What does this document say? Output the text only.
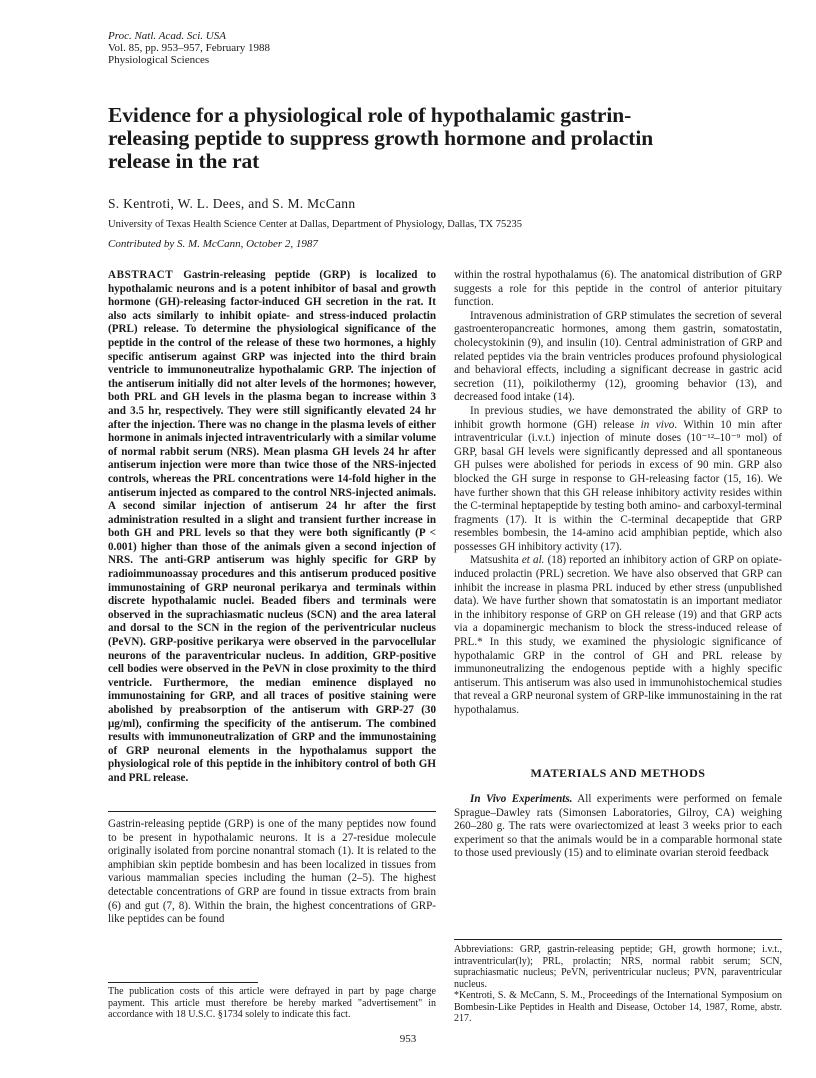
Proc. Natl. Acad. Sci. USA
Vol. 85, pp. 953–957, February 1988
Physiological Sciences
Evidence for a physiological role of hypothalamic gastrin-releasing peptide to suppress growth hormone and prolactin release in the rat
S. Kentroti, W. L. Dees, and S. M. McCann
University of Texas Health Science Center at Dallas, Department of Physiology, Dallas, TX 75235
Contributed by S. M. McCann, October 2, 1987

ABSTRACT Gastrin-releasing peptide (GRP) is localized to hypothalamic neurons and is a potent inhibitor of basal and growth hormone (GH)-releasing factor-induced GH secretion in the rat. It also acts similarly to inhibit opiate- and stress-induced prolactin (PRL) release. To determine the physiological significance of the peptide in the control of the release of these two hormones, a highly specific antiserum against GRP was injected into the third brain ventricle to immunoneutralize hypothalamic GRP. The injection of the antiserum initially did not alter levels of the hormones; however, both PRL and GH levels in the plasma began to increase within 3 and 3.5 hr, respectively. They were still significantly elevated 24 hr after the injection. There was no change in the plasma levels of either hormone in animals injected intraventricularly with a similar volume of normal rabbit serum (NRS). Mean plasma GH levels 24 hr after antiserum injection were more than twice those of the NRS-injected controls, whereas the PRL concentrations were 14-fold higher in the antiserum injected as compared to the control NRS-injected animals. A second similar injection of antiserum 24 hr after the first administration resulted in a slight and transient further increase in both GH and PRL levels so that they were both significantly (P < 0.001) higher than those of the animals given a second injection of NRS. The anti-GRP antiserum was highly specific for GRP by radioimmunoassay procedures and this antiserum produced positive immunostaining of GRP neuronal perikarya and terminals within discrete hypothalamic nuclei. Beaded fibers and terminals were observed in the suprachiasmatic nucleus (SCN) and the area lateral and dorsal to the SCN in the region of the periventricular nucleus (PeVN). GRP-positive perikarya were observed in the parvocellular neurons of the paraventricular nucleus. In addition, GRP-positive cell bodies were observed in the PeVN in close proximity to the third ventricle. Furthermore, the median eminence displayed no immunostaining for GRP, and all traces of positive staining were abolished by preabsorption of the antiserum with GRP-27 (30 μg/ml), confirming the specificity of the antiserum. The combined results with immunoneutralization of GRP and the immunostaining of GRP neuronal elements in the hypothalamus support the physiological role of this peptide in the inhibitory control of both GH and PRL release.

Gastrin-releasing peptide (GRP) is one of the many peptides now found to be present in hypothalamic neurons. It is a 27-residue molecule originally isolated from porcine nonantral stomach (1). It is related to the amphibian skin peptide bombesin and has been localized in tissues from various mammalian species including the human (2–5). The highest detectable concentrations of GRP are found in tissue extracts from brain (6) and gut (7, 8). Within the brain, the highest concentrations of GRP-like peptides can be found

The publication costs of this article were defrayed in part by page charge payment. This article must therefore be hereby marked "advertisement" in accordance with 18 U.S.C. §1734 solely to indicate this fact.

within the rostral hypothalamus (6). The anatomical distribution of GRP suggests a role for this peptide in the control of anterior pituitary function.

Intravenous administration of GRP stimulates the secretion of several gastroenteropancreatic hormones, among them gastrin, somatostatin, cholecystokinin (9), and insulin (10). Central administration of GRP and related peptides via the brain ventricles produces profound physiological and behavioral effects, including a significant decrease in gastric acid secretion (11), poikilothermy (12), grooming behavior (13), and decreased food intake (14).

In previous studies, we have demonstrated the ability of GRP to inhibit growth hormone (GH) release in vivo. Within 10 min after intraventricular (i.v.t.) injection of minute doses (10⁻¹²–10⁻⁹ mol) of GRP, basal GH levels were significantly depressed and all spontaneous GH pulses were abolished for periods in excess of 90 min. GRP also blocked the GH surge in response to GH-releasing factor (15, 16). We have further shown that this GH release inhibitory activity resides within the C-terminal heptapeptide by testing both amino- and carboxyl-terminal fragments (17). It is within the C-terminal decapeptide that GRP resembles bombesin, the 14-amino acid amphibian peptide, which also possesses GH inhibitory activity (17).

Matsushita et al. (18) reported an inhibitory action of GRP on opiate-induced prolactin (PRL) secretion. We have also observed that GRP can inhibit the increase in plasma PRL induced by ether stress (unpublished data). We have further shown that somatostatin is an important mediator in the inhibitory response of GRP on GH release (19) and that GRP acts via a dopaminergic mechanism to block the stress-induced release of PRL.* In this study, we examined the physiologic significance of hypothalamic GRP in the control of GH and PRL release by immunoneutralizing the endogenous peptide with a highly specific antiserum. This antiserum was also used in immunohistochemical studies that reveal a GRP neuronal system of GRP-like immunostaining in the rat hypothalamus.

MATERIALS AND METHODS

In Vivo Experiments. All experiments were performed on female Sprague–Dawley rats (Simonsen Laboratories, Gilroy, CA) weighing 260–280 g. The rats were ovariectomized at least 3 weeks prior to each experiment so that the animals would be in a comparable hormonal state to those used previously (15) and to eliminate ovarian steroid feedback

Abbreviations: GRP, gastrin-releasing peptide; GH, growth hormone; i.v.t., intraventricular(ly); PRL, prolactin; NRS, normal rabbit serum; SCN, suprachiasmatic nucleus; PeVN, periventricular nucleus; PVN, paraventricular nucleus.
*Kentroti, S. & McCann, S. M., Proceedings of the International Symposium on Bombesin-Like Peptides in Health and Disease, October 14, 1987, Rome, abstr. 217.
953
